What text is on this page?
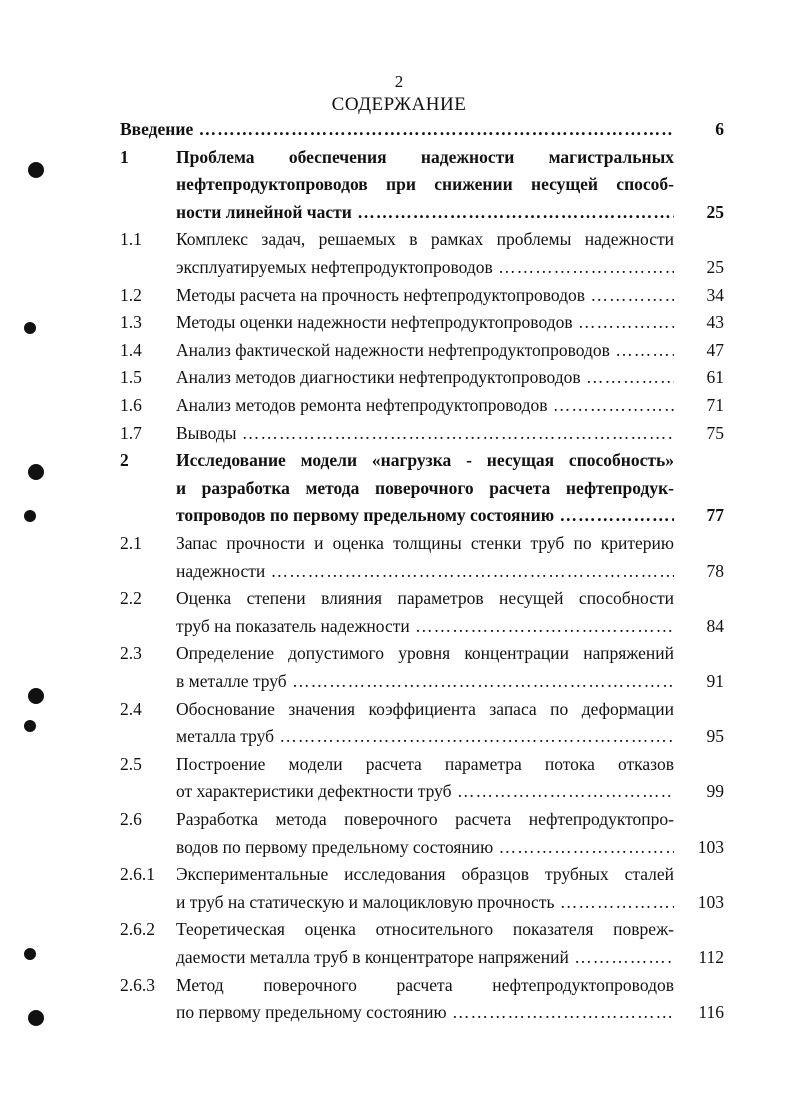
2
СОДЕРЖАНИЕ
Введение ………………………………………………………………………………………………………………………………………	6
1	Проблема обеспечения надежности магистральных
нефтепродуктопроводов при снижении несущей способ-
ности линейной части ………………………………………………………………………………………………………………………………………	25
1.1 Комплекс задач, решаемых в рамках проблемы надежности
эксплуатируемых нефтепродуктопроводов ………………………………………………………………………………………………………………………………………	25
1.2 Методы расчета на прочность нефтепродуктопроводов ………………………………………………………………………………………………………………………………………	34
1.3 Методы оценки надежности нефтепродуктопроводов ………………………………………………………………………………………………………………………………………	43
1.4 Анализ фактической надежности нефтепродуктопроводов ………………………………………………………………………………………………………………………………………	47
1.5 Анализ методов диагностики нефтепродуктопроводов ………………………………………………………………………………………………………………………………………	61
1.6 Анализ методов ремонта нефтепродуктопроводов ………………………………………………………………………………………………………………………………………	71
1.7 Выводы ………………………………………………………………………………………………………………………………………	75
2	Исследование модели «нагрузка - несущая способность»
и разработка метода поверочного расчета нефтепродук-
топроводов по первому предельному состоянию ………………………………………………………………………………………………………………………………………	77
2.1 Запас прочности и оценка толщины стенки труб по критерию
надежности ………………………………………………………………………………………………………………………………………	78
2.2 Оценка степени влияния параметров несущей способности
труб на показатель надежности ………………………………………………………………………………………………………………………………………	84
2.3 Определение допустимого уровня концентрации напряжений
в металле труб ………………………………………………………………………………………………………………………………………	91
2.4 Обоснование значения коэффициента запаса по деформации
металла труб ………………………………………………………………………………………………………………………………………	95
2.5 Построение модели расчета параметра потока отказов
от характеристики дефектности труб ………………………………………………………………………………………………………………………………………	99
2.6 Разработка метода поверочного расчета нефтепродуктопро-
водов по первому предельному состоянию ………………………………………………………………………………………………………………………………………	103
2.6.1 Экспериментальные исследования образцов трубных сталей
и труб на статическую и малоцикловую прочность ………………………………………………………………………………………………………………………………………	103
2.6.2 Теоретическая оценка относительного показателя повреж-
даемости металла труб в концентраторе напряжений ………………………………………………………………………………………………………………………………………	112
2.6.3 Метод поверочного расчета нефтепродуктопроводов
по первому предельному состоянию ………………………………………………………………………………………………………………………………………	116
